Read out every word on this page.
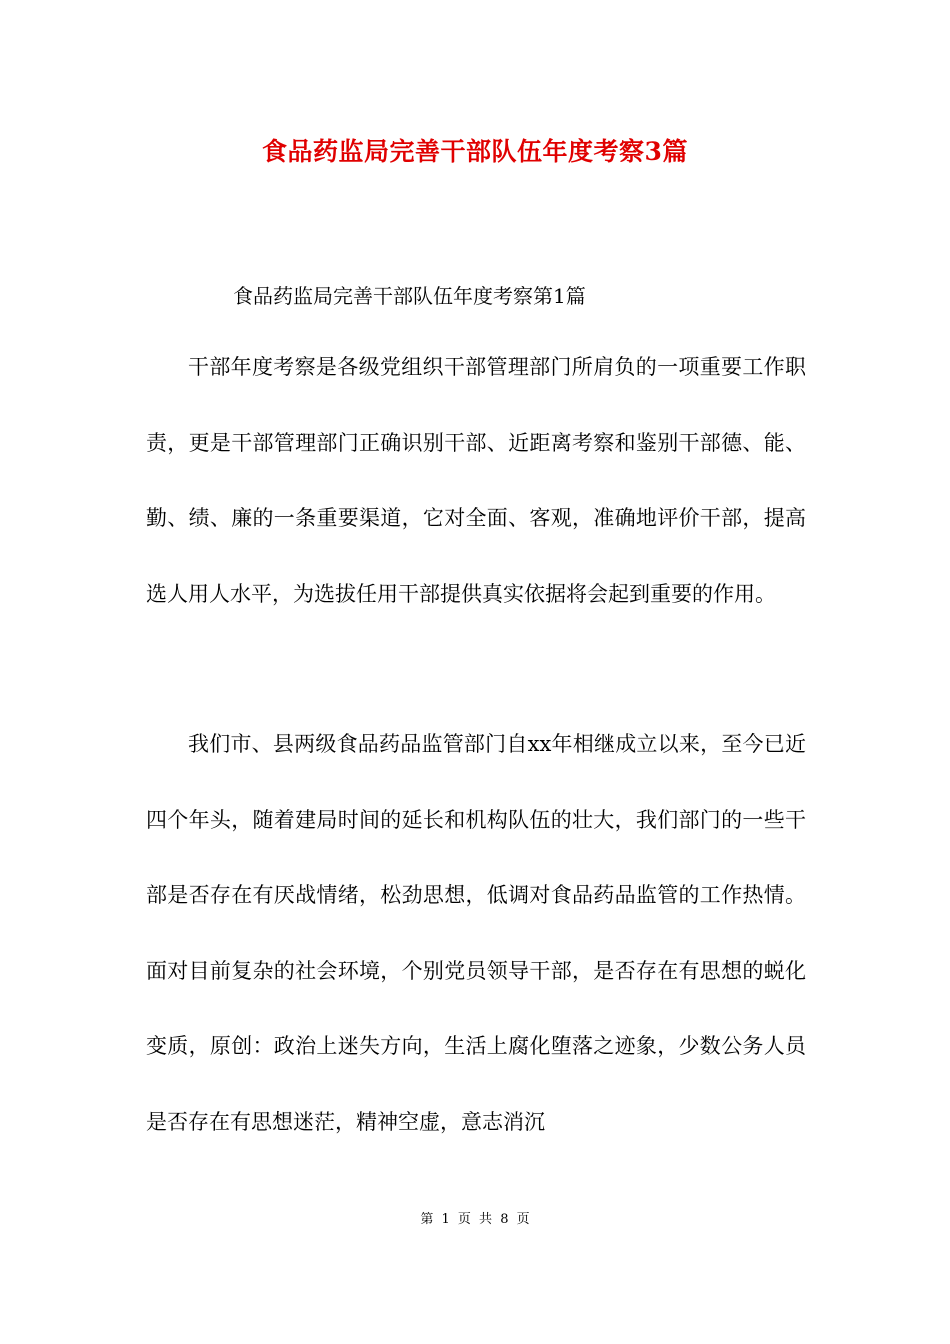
食品药监局完善干部队伍年度考察3篇

食品药监局完善干部队伍年度考察第1篇

干部年度考察是各级党组织干部管理部门所肩负的一项重要工作职责，更是干部管理部门正确识别干部、近距离考察和鉴别干部德、能、勤、绩、廉的一条重要渠道，它对全面、客观，准确地评价干部，提高选人用人水平，为选拔任用干部提供真实依据将会起到重要的作用。

我们市、县两级食品药品监管部门自xx年相继成立以来，至今已近四个年头，随着建局时间的延长和机构队伍的壮大，我们部门的一些干部是否存在有厌战情绪，松劲思想，低调对食品药品监管的工作热情。面对目前复杂的社会环境，个别党员领导干部，是否存在有思想的蜕化变质，原创：政治上迷失方向，生活上腐化堕落之迹象，少数公务人员是否存在有思想迷茫，精神空虚，意志消沉

第 1 页 共 8 页
